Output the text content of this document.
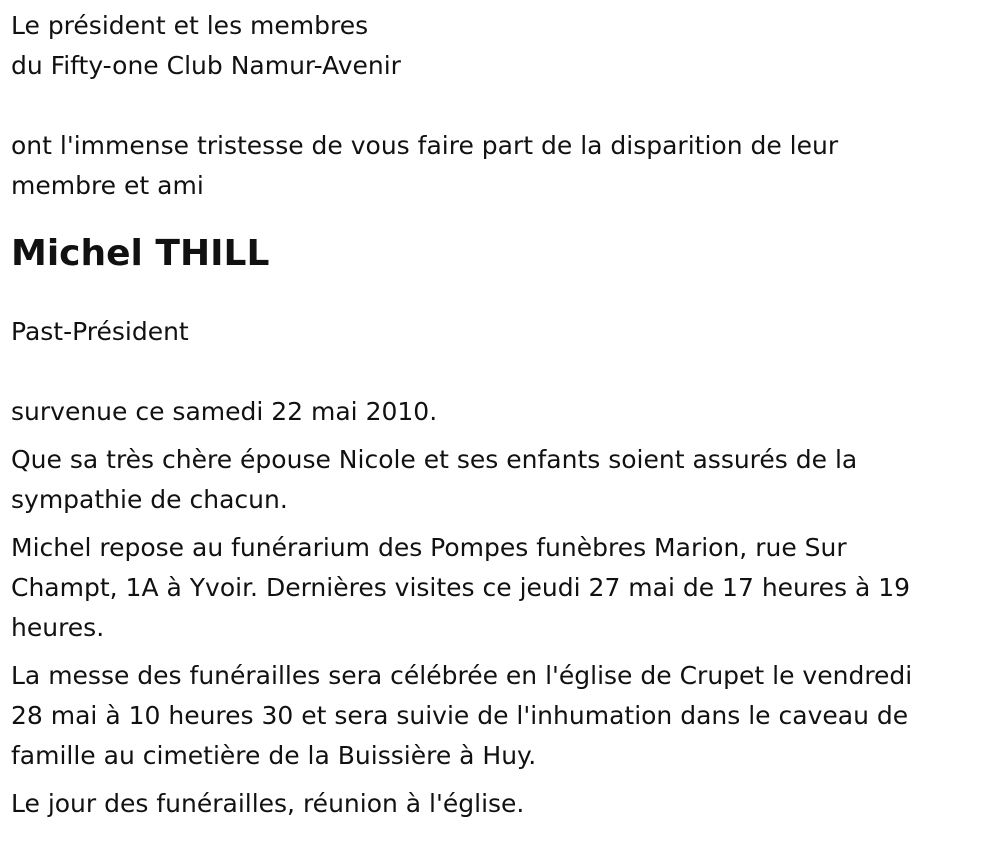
Le président et les membres
du Fifty-one Club Namur-Avenir

ont l'immense tristesse de vous faire part de la disparition de leur
membre et ami

Michel THILL

Past-Président

survenue ce samedi 22 mai 2010.

Que sa très chère épouse Nicole et ses enfants soient assurés de la
sympathie de chacun.

Michel repose au funérarium des Pompes funèbres Marion, rue Sur
Champt, 1A à Yvoir. Dernières visites ce jeudi 27 mai de 17 heures à 19
heures.

La messe des funérailles sera célébrée en l'église de Crupet le vendredi
28 mai à 10 heures 30 et sera suivie de l'inhumation dans le caveau de
famille au cimetière de la Buissière à Huy.

Le jour des funérailles, réunion à l'église.
